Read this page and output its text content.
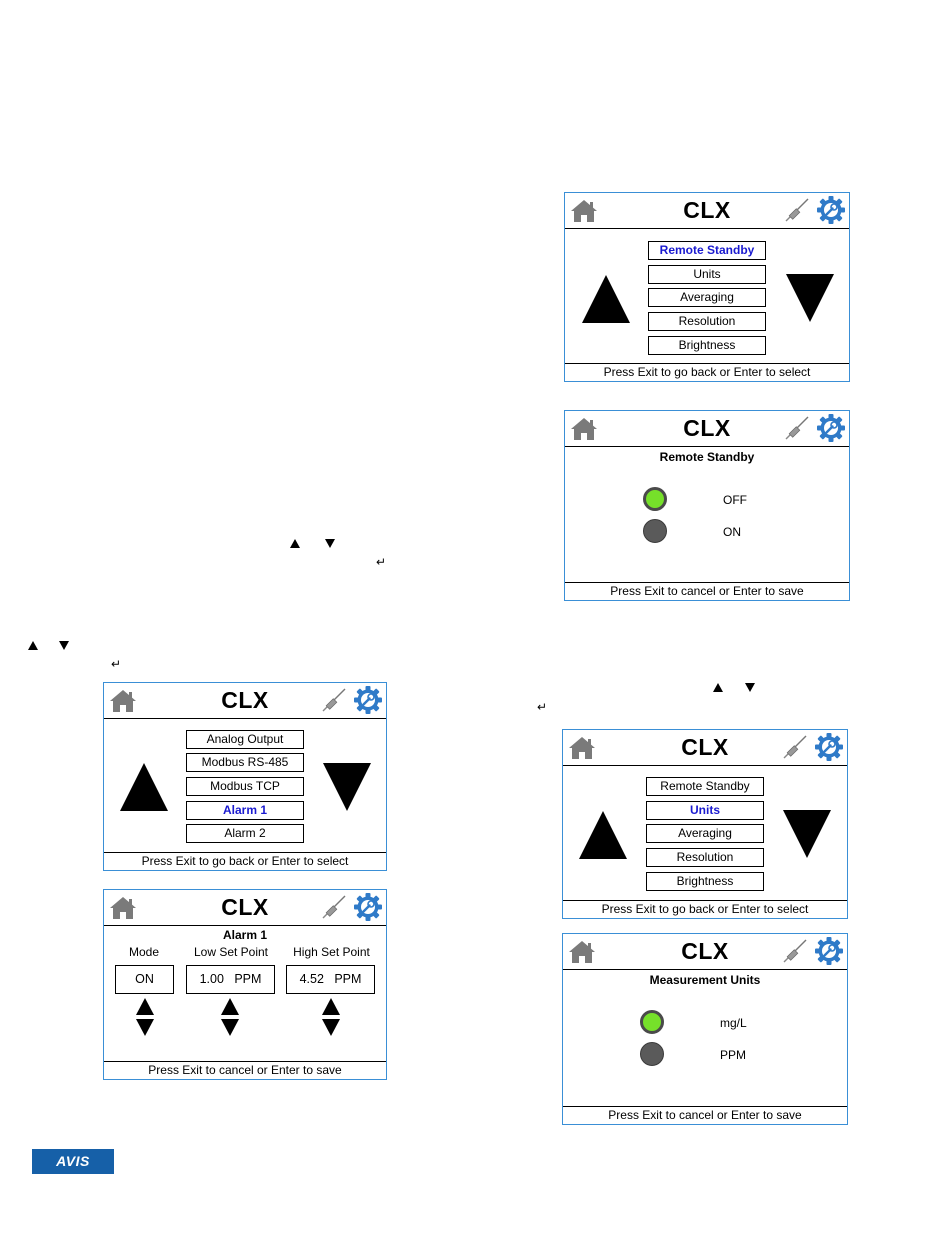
CLX
Remote Standby
Units
Averaging
Resolution
Brightness
Press Exit to go back or Enter to select
CLX
Remote Standby
OFF
ON
Press Exit to cancel or Enter to save
↵
↵
↵
CLX
Analog Output
Modbus RS-485
Modbus TCP
Alarm 1
Alarm 2
Press Exit to go back or Enter to select
CLX
Alarm 1
Mode	Low Set Point	High Set Point
ON	1.00   PPM	4.52   PPM
Press Exit to cancel or Enter to save
CLX
Remote Standby
Units
Averaging
Resolution
Brightness
Press Exit to go back or Enter to select
CLX
Measurement Units
mg/L
PPM
Press Exit to cancel or Enter to save
AVIS
